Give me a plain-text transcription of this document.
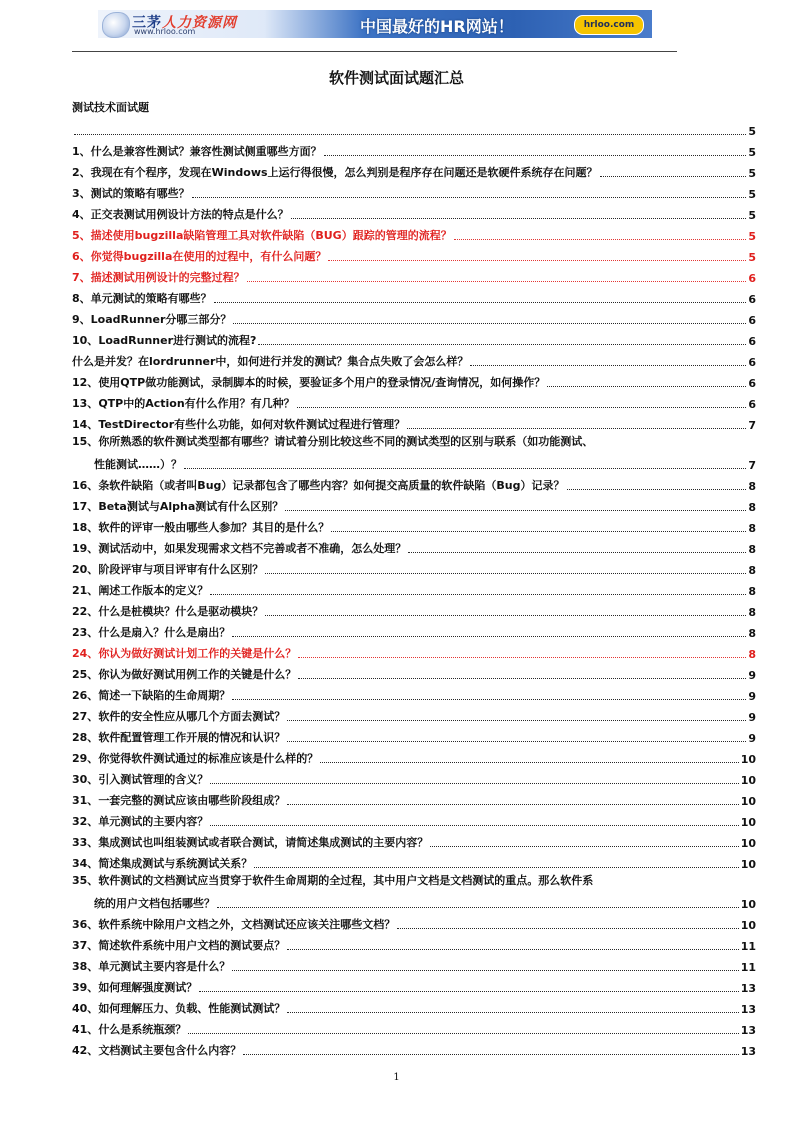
三茅人力资源网
www.hrloo.com	中国最好的HR网站！	hrloo.com
软件测试面试题汇总
测试技术面试题
5
1、 什么是兼容性测试？兼容性测试侧重哪些方面？	5
2、 我现在有个程序，发现在Windows上运行得很慢，怎么判别是程序存在问题还是软硬件系统存在问题？	5
3、 测试的策略有哪些？	5
4、 正交表测试用例设计方法的特点是什么？	5
5、 描述使用bugzilla缺陷管理工具对软件缺陷（BUG）跟踪的管理的流程？	5
6、 你觉得bugzilla在使用的过程中，有什么问题？	5
7、 描述测试用例设计的完整过程？	6
8、 单元测试的策略有哪些？	6
9、 LoadRunner分哪三部分？	6
10、 LoadRunner进行测试的流程?	6
什么是并发？在lordrunner中，如何进行并发的测试？集合点失败了会怎么样？	6
12、 使用QTP做功能测试，录制脚本的时候，要验证多个用户的登录情况/查询情况，如何操作？	6
13、 QTP中的Action有什么作用？有几种？	6
14、 TestDirector有些什么功能，如何对软件测试过程进行管理？	7
15、你所熟悉的软件测试类型都有哪些？请试着分别比较这些不同的测试类型的区别与联系（如功能测试、
性能测试……）？	7
16、 条软件缺陷（或者叫Bug）记录都包含了哪些内容？如何提交高质量的软件缺陷（Bug）记录？	8
17、 Beta测试与Alpha测试有什么区别？	8
18、 软件的评审一般由哪些人参加？其目的是什么？	8
19、 测试活动中，如果发现需求文档不完善或者不准确，怎么处理？	8
20、 阶段评审与项目评审有什么区别？	8
21、 阐述工作版本的定义？	8
22、 什么是桩模块？什么是驱动模块？	8
23、 什么是扇入？什么是扇出？	8
24、 你认为做好测试计划工作的关键是什么？	8
25、 你认为做好测试用例工作的关键是什么？	9
26、 简述一下缺陷的生命周期？	9
27、 软件的安全性应从哪几个方面去测试？	9
28、 软件配置管理工作开展的情况和认识？	9
29、 你觉得软件测试通过的标准应该是什么样的？	10
30、 引入测试管理的含义？	10
31、 一套完整的测试应该由哪些阶段组成？	10
32、 单元测试的主要内容？	10
33、 集成测试也叫组装测试或者联合测试，请简述集成测试的主要内容？	10
34、 简述集成测试与系统测试关系？	10
35、软件测试的文档测试应当贯穿于软件生命周期的全过程，其中用户文档是文档测试的重点。那么软件系
统的用户文档包括哪些？	10
36、 软件系统中除用户文档之外，文档测试还应该关注哪些文档？	10
37、 简述软件系统中用户文档的测试要点？	11
38、 单元测试主要内容是什么？	11
39、 如何理解强度测试？	13
40、 如何理解压力、负载、性能测试测试？	13
41、 什么是系统瓶颈？	13
42、 文档测试主要包含什么内容？	13
1
